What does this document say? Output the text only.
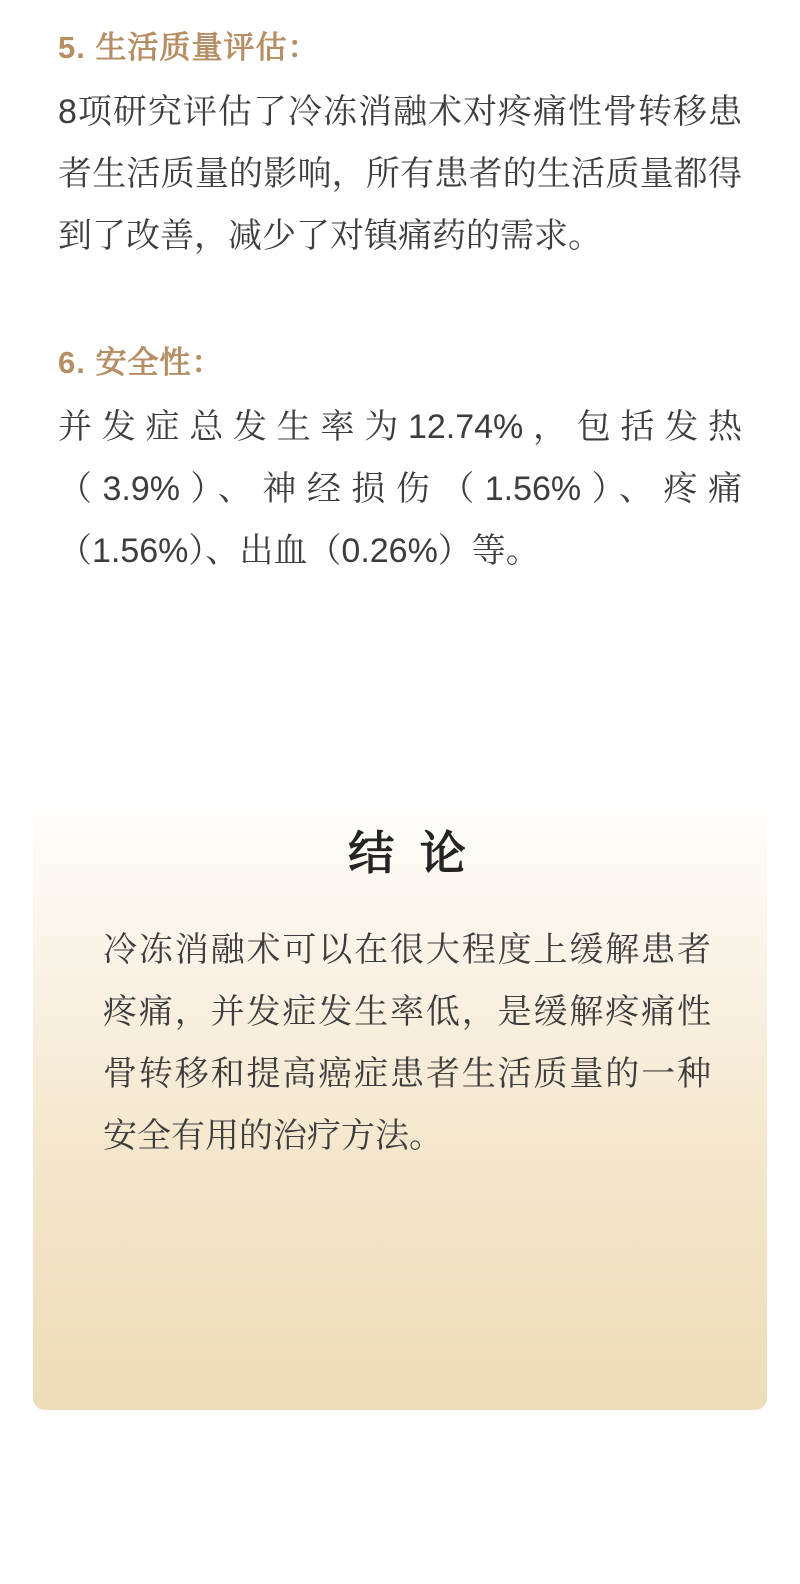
5. 生活质量评估：
8项研究评估了冷冻消融术对疼痛性骨转移患
者生活质量的影响，所有患者的生活质量都得
到了改善，减少了对镇痛药的需求。
6. 安全性：
并发症总发生率为12.74%，包括发热
（3.9%）、神经损伤（1.56%）、疼痛
（1.56%）、出血（0.26%）等。
结 论
冷冻消融术可以在很大程度上缓解患者
疼痛，并发症发生率低，是缓解疼痛性
骨转移和提高癌症患者生活质量的一种
安全有用的治疗方法。
